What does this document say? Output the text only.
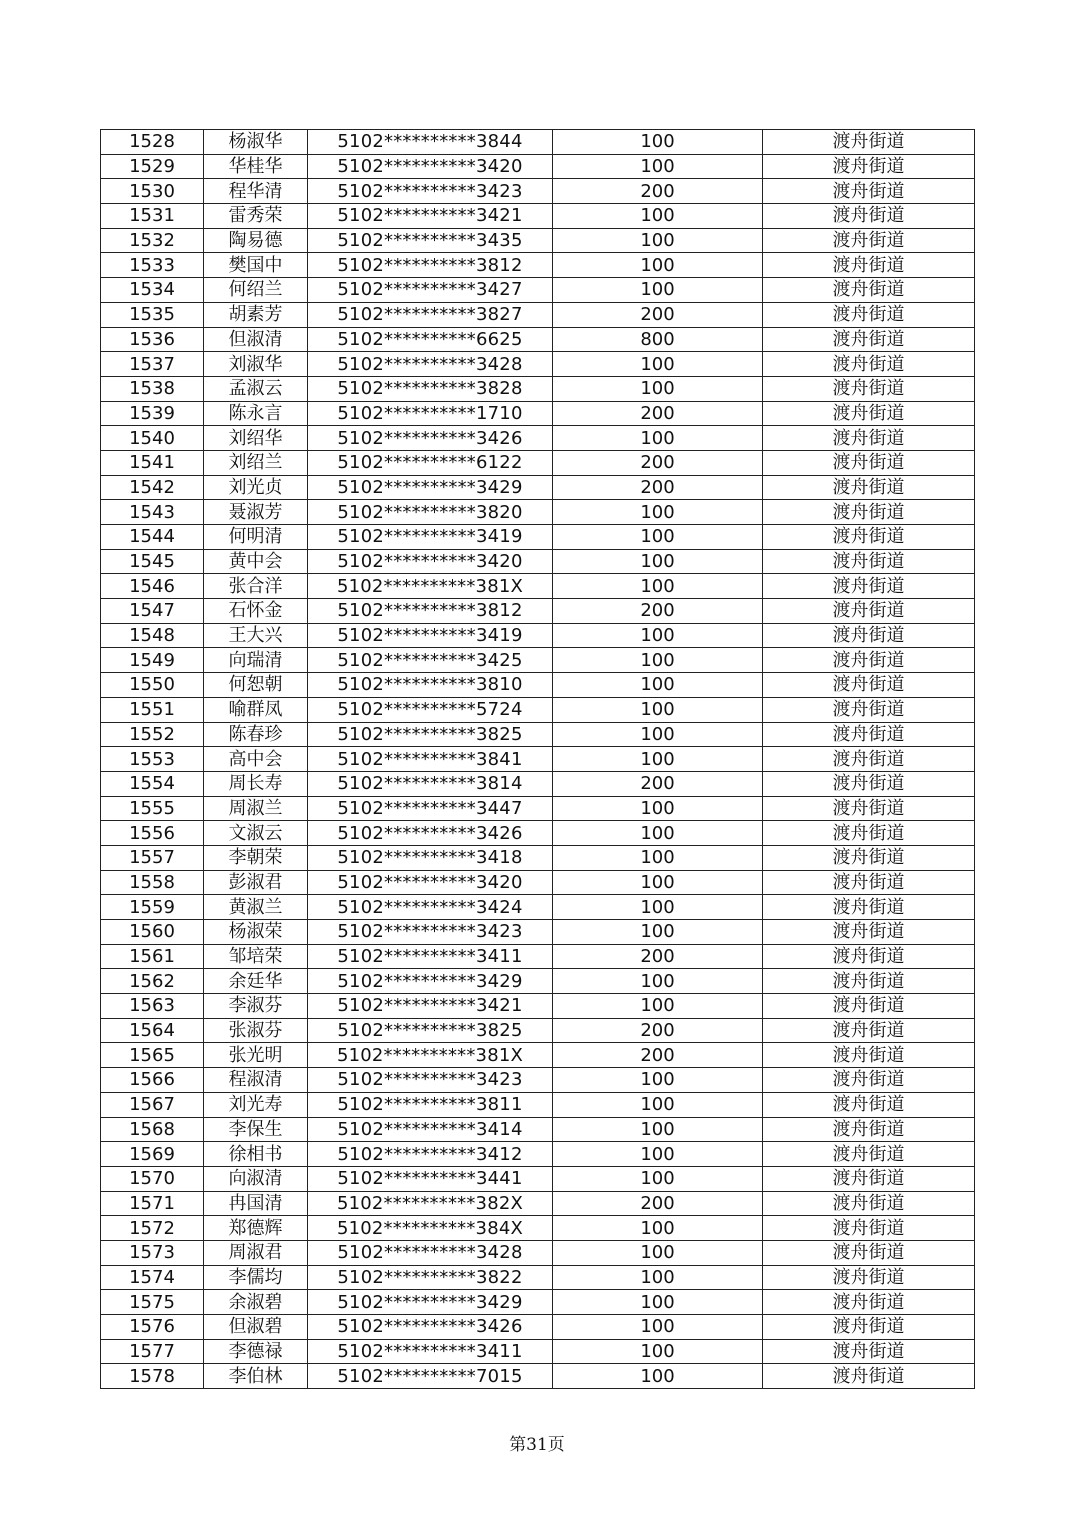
1528	杨淑华	5102**********3844	100	渡舟街道
1529	华桂华	5102**********3420	100	渡舟街道
1530	程华清	5102**********3423	200	渡舟街道
1531	雷秀荣	5102**********3421	100	渡舟街道
1532	陶易德	5102**********3435	100	渡舟街道
1533	樊国中	5102**********3812	100	渡舟街道
1534	何绍兰	5102**********3427	100	渡舟街道
1535	胡素芳	5102**********3827	200	渡舟街道
1536	但淑清	5102**********6625	800	渡舟街道
1537	刘淑华	5102**********3428	100	渡舟街道
1538	孟淑云	5102**********3828	100	渡舟街道
1539	陈永言	5102**********1710	200	渡舟街道
1540	刘绍华	5102**********3426	100	渡舟街道
1541	刘绍兰	5102**********6122	200	渡舟街道
1542	刘光贞	5102**********3429	200	渡舟街道
1543	聂淑芳	5102**********3820	100	渡舟街道
1544	何明清	5102**********3419	100	渡舟街道
1545	黄中会	5102**********3420	100	渡舟街道
1546	张合洋	5102**********381X	100	渡舟街道
1547	石怀金	5102**********3812	200	渡舟街道
1548	王大兴	5102**********3419	100	渡舟街道
1549	向瑞清	5102**********3425	100	渡舟街道
1550	何恕朝	5102**********3810	100	渡舟街道
1551	喻群凤	5102**********5724	100	渡舟街道
1552	陈春珍	5102**********3825	100	渡舟街道
1553	高中会	5102**********3841	100	渡舟街道
1554	周长寿	5102**********3814	200	渡舟街道
1555	周淑兰	5102**********3447	100	渡舟街道
1556	文淑云	5102**********3426	100	渡舟街道
1557	李朝荣	5102**********3418	100	渡舟街道
1558	彭淑君	5102**********3420	100	渡舟街道
1559	黄淑兰	5102**********3424	100	渡舟街道
1560	杨淑荣	5102**********3423	100	渡舟街道
1561	邹培荣	5102**********3411	200	渡舟街道
1562	余廷华	5102**********3429	100	渡舟街道
1563	李淑芬	5102**********3421	100	渡舟街道
1564	张淑芬	5102**********3825	200	渡舟街道
1565	张光明	5102**********381X	200	渡舟街道
1566	程淑清	5102**********3423	100	渡舟街道
1567	刘光寿	5102**********3811	100	渡舟街道
1568	李保生	5102**********3414	100	渡舟街道
1569	徐相书	5102**********3412	100	渡舟街道
1570	向淑清	5102**********3441	100	渡舟街道
1571	冉国清	5102**********382X	200	渡舟街道
1572	郑德辉	5102**********384X	100	渡舟街道
1573	周淑君	5102**********3428	100	渡舟街道
1574	李儒均	5102**********3822	100	渡舟街道
1575	余淑碧	5102**********3429	100	渡舟街道
1576	但淑碧	5102**********3426	100	渡舟街道
1577	李德禄	5102**********3411	100	渡舟街道
1578	李伯林	5102**********7015	100	渡舟街道
第31页
